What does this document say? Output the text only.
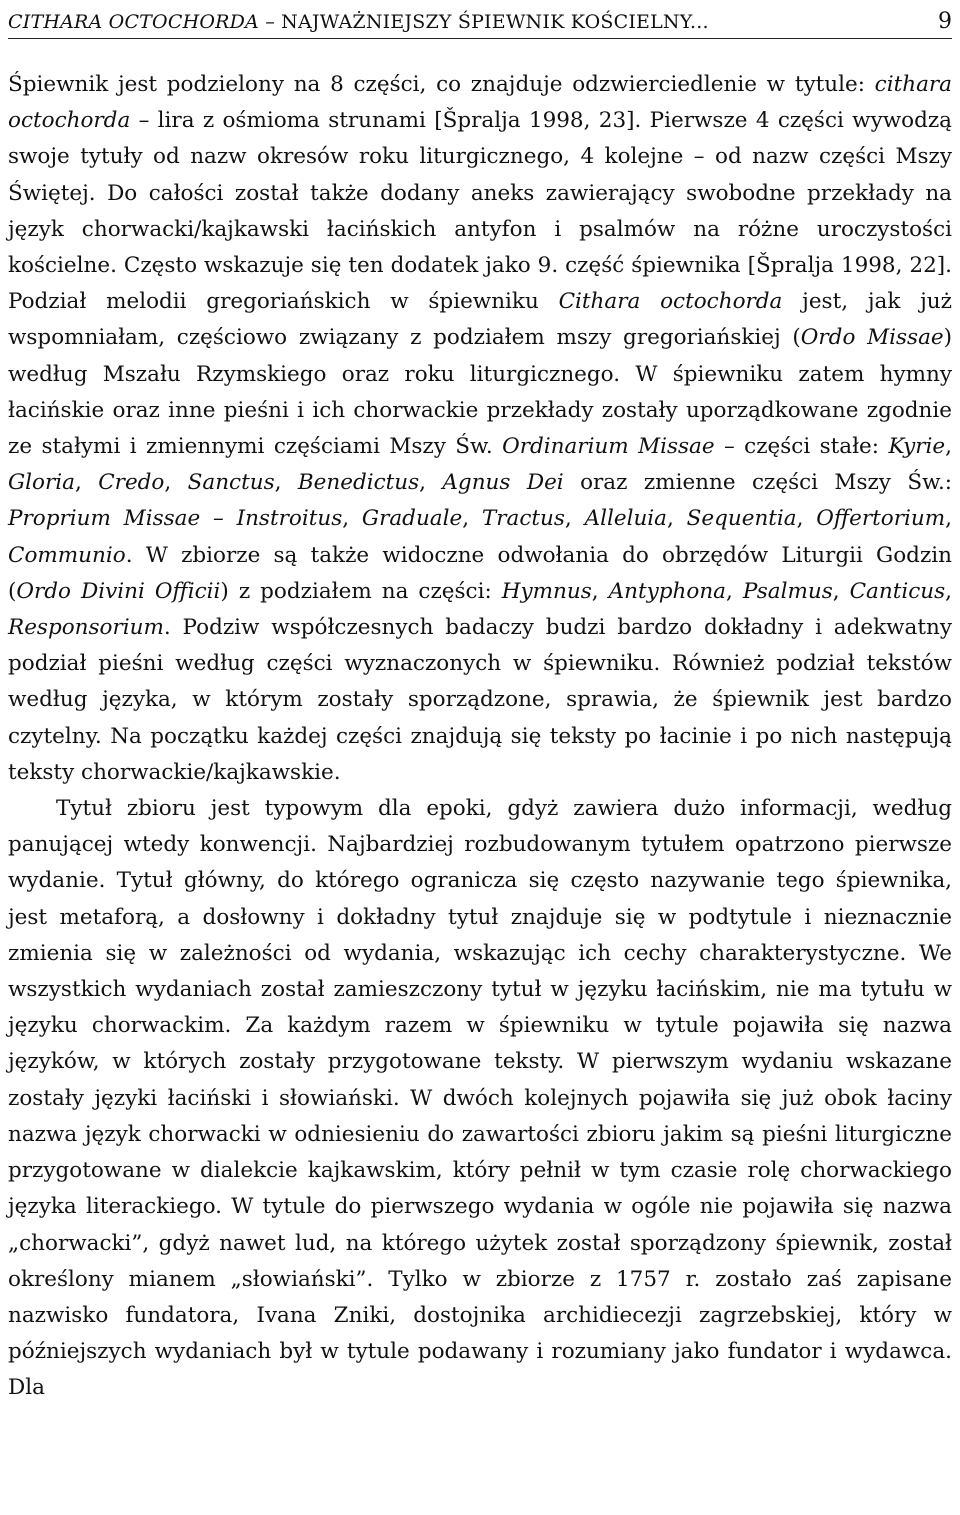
CITHARA OCTOCHORDA – NAJWAŻNIEJSZY ŚPIEWNIK KOŚCIELNY...	9

Śpiewnik jest podzielony na 8 części, co znajduje odzwierciedlenie w tytule: cithara octochorda – lira z ośmioma strunami [Špralja 1998, 23]. Pierwsze 4 części wywodzą swoje tytuły od nazw okresów roku liturgicznego, 4 kolejne – od nazw części Mszy Świętej. Do całości został także dodany aneks zawierający swobodne przekłady na język chorwacki/kajkawski łacińskich antyfon i psalmów na różne uroczystości kościelne. Często wskazuje się ten dodatek jako 9. część śpiewnika [Špralja 1998, 22]. Podział melodii gregoriańskich w śpiewniku Cithara octochorda jest, jak już wspomniałam, częściowo związany z podziałem mszy gregoriańskiej (Ordo Missae) według Mszału Rzymskiego oraz roku liturgicznego. W śpiewniku zatem hymny łacińskie oraz inne pieśni i ich chorwackie przekłady zostały uporządkowane zgodnie ze stałymi i zmiennymi częściami Mszy Św. Ordinarium Missae – części stałe: Kyrie, Gloria, Credo, Sanctus, Benedictus, Agnus Dei oraz zmienne części Mszy Św.: Proprium Missae – Instroitus, Graduale, Tractus, Alleluia, Sequentia, Offertorium, Communio. W zbiorze są także widoczne odwołania do obrzędów Liturgii Godzin (Ordo Divini Officii) z podziałem na części: Hymnus, Antyphona, Psalmus, Canticus, Responsorium. Podziw współczesnych badaczy budzi bardzo dokładny i adekwatny podział pieśni według części wyznaczonych w śpiewniku. Również podział tekstów według języka, w którym zostały sporządzone, sprawia, że śpiewnik jest bardzo czytelny. Na początku każdej części znajdują się teksty po łacinie i po nich następują teksty chorwackie/kajkawskie.

Tytuł zbioru jest typowym dla epoki, gdyż zawiera dużo informacji, według panującej wtedy konwencji. Najbardziej rozbudowanym tytułem opatrzono pierwsze wydanie. Tytuł główny, do którego ogranicza się często nazywanie tego śpiewnika, jest metaforą, a dosłowny i dokładny tytuł znajduje się w podtytule i nieznacznie zmienia się w zależności od wydania, wskazując ich cechy charakterystyczne. We wszystkich wydaniach został zamieszczony tytuł w języku łacińskim, nie ma tytułu w języku chorwackim. Za każdym razem w śpiewniku w tytule pojawiła się nazwa języków, w których zostały przygotowane teksty. W pierwszym wydaniu wskazane zostały języki łaciński i słowiański. W dwóch kolejnych pojawiła się już obok łaciny nazwa język chorwacki w odniesieniu do zawartości zbioru jakim są pieśni liturgiczne przygotowane w dialekcie kajkawskim, który pełnił w tym czasie rolę chorwackiego języka literackiego. W tytule do pierwszego wydania w ogóle nie pojawiła się nazwa „chorwacki”, gdyż nawet lud, na którego użytek został sporządzony śpiewnik, został określony mianem „słowiański”. Tylko w zbiorze z 1757 r. zostało zaś zapisane nazwisko fundatora, Ivana Zniki, dostojnika archidiecezji zagrzebskiej, który w późniejszych wydaniach był w tytule podawany i rozumiany jako fundator i wydawca. Dla
